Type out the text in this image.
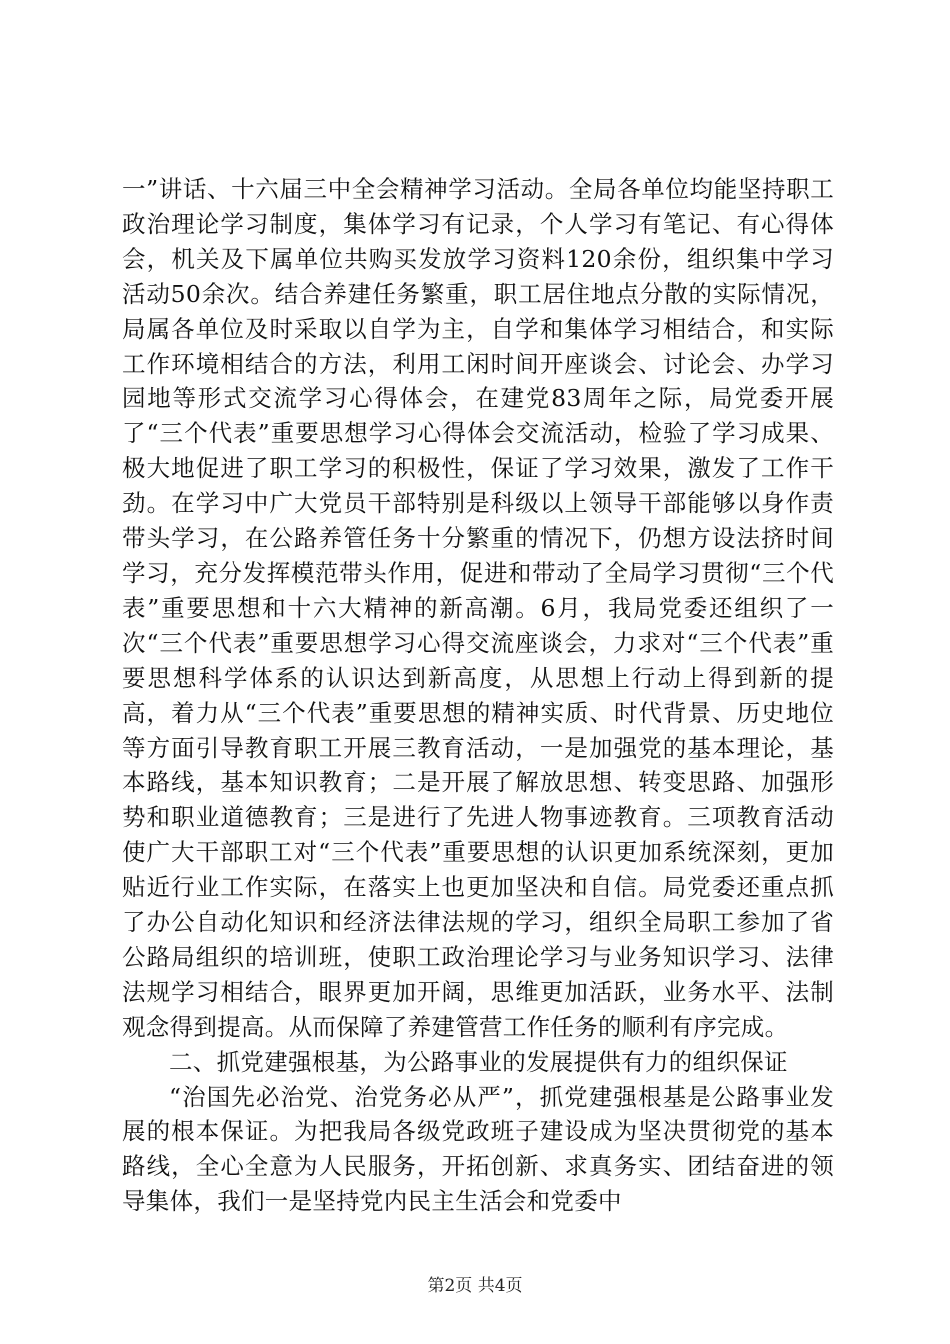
一”讲话、十六届三中全会精神学习活动。全局各单位均能坚持职工政治理论学习制度，集体学习有记录，个人学习有笔记、有心得体会，机关及下属单位共购买发放学习资料120余份，组织集中学习活动50余次。结合养建任务繁重，职工居住地点分散的实际情况，局属各单位及时采取以自学为主，自学和集体学习相结合，和实际工作环境相结合的方法，利用工闲时间开座谈会、讨论会、办学习园地等形式交流学习心得体会，在建党83周年之际，局党委开展了“三个代表”重要思想学习心得体会交流活动，检验了学习成果、极大地促进了职工学习的积极性，保证了学习效果，激发了工作干劲。在学习中广大党员干部特别是科级以上领导干部能够以身作责带头学习，在公路养管任务十分繁重的情况下，仍想方设法挤时间学习，充分发挥模范带头作用，促进和带动了全局学习贯彻“三个代表”重要思想和十六大精神的新高潮。6月，我局党委还组织了一次“三个代表”重要思想学习心得交流座谈会，力求对“三个代表”重要思想科学体系的认识达到新高度，从思想上行动上得到新的提高，着力从“三个代表”重要思想的精神实质、时代背景、历史地位等方面引导教育职工开展三教育活动，一是加强党的基本理论，基本路线，基本知识教育；二是开展了解放思想、转变思路、加强形势和职业道德教育；三是进行了先进人物事迹教育。三项教育活动使广大干部职工对“三个代表”重要思想的认识更加系统深刻，更加贴近行业工作实际，在落实上也更加坚决和自信。局党委还重点抓了办公自动化知识和经济法律法规的学习，组织全局职工参加了省公路局组织的培训班，使职工政治理论学习与业务知识学习、法律法规学习相结合，眼界更加开阔，思维更加活跃，业务水平、法制观念得到提高。从而保障了养建管营工作任务的顺利有序完成。

二、抓党建强根基，为公路事业的发展提供有力的组织保证

“治国先必治党、治党务必从严”，抓党建强根基是公路事业发展的根本保证。为把我局各级党政班子建设成为坚决贯彻党的基本路线，全心全意为人民服务，开拓创新、求真务实、团结奋进的领导集体，我们一是坚持党内民主生活会和党委中

第2页 共4页
